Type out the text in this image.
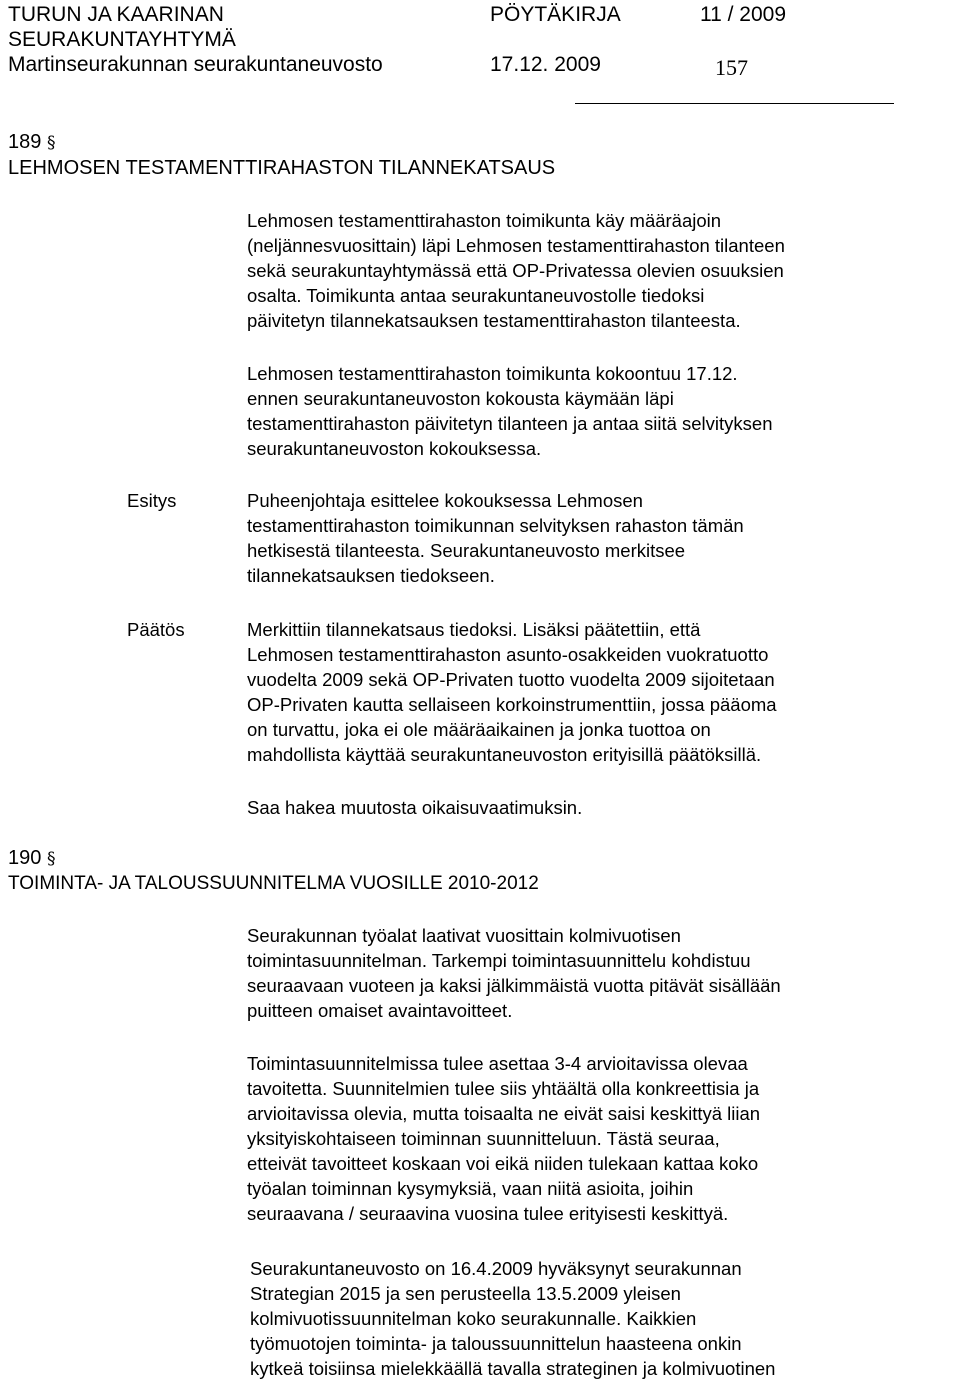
TURUN JA KAARINAN
SEURAKUNTAYHTYMÄ
Martinseurakunnan seurakuntaneuvosto
PÖYTÄKIRJA	11 / 2009
17.12. 2009	157
189 §
LEHMOSEN TESTAMENTTIRAHASTON TILANNEKATSAUS
Lehmosen testamenttirahaston toimikunta käy määräajoin
(neljännesvuosittain) läpi Lehmosen testamenttirahaston tilanteen
sekä seurakuntayhtymässä että OP-Privatessa olevien osuuksien
osalta. Toimikunta antaa seurakuntaneuvostolle tiedoksi
päivitetyn tilannekatsauksen testamenttirahaston tilanteesta.
Lehmosen testamenttirahaston toimikunta kokoontuu 17.12.
ennen seurakuntaneuvoston kokousta käymään läpi
testamenttirahaston päivitetyn tilanteen ja antaa siitä selvityksen
seurakuntaneuvoston kokouksessa.
Esitys	Puheenjohtaja esittelee kokouksessa Lehmosen
testamenttirahaston toimikunnan selvityksen rahaston tämän
hetkisestä tilanteesta. Seurakuntaneuvosto merkitsee
tilannekatsauksen tiedokseen.
Päätös	Merkittiin tilannekatsaus tiedoksi. Lisäksi päätettiin, että
Lehmosen testamenttirahaston asunto-osakkeiden vuokratuotto
vuodelta 2009 sekä OP-Privaten tuotto vuodelta 2009 sijoitetaan
OP-Privaten kautta sellaiseen korkoinstrumenttiin, jossa pääoma
on turvattu, joka ei ole määräaikainen ja jonka tuottoa on
mahdollista käyttää seurakuntaneuvoston erityisillä päätöksillä.
Saa hakea muutosta oikaisuvaatimuksin.
190 §
TOIMINTA- JA TALOUSSUUNNITELMA VUOSILLE 2010-2012
Seurakunnan työalat laativat vuosittain kolmivuotisen
toimintasuunnitelman. Tarkempi toimintasuunnittelu kohdistuu
seuraavaan vuoteen ja kaksi jälkimmäistä vuotta pitävät sisällään
puitteen omaiset avaintavoitteet.
Toimintasuunnitelmissa tulee asettaa 3-4 arvioitavissa olevaa
tavoitetta. Suunnitelmien tulee siis yhtäältä olla konkreettisia ja
arvioitavissa olevia, mutta toisaalta ne eivät saisi keskittyä liian
yksityiskohtaiseen toiminnan suunnitteluun. Tästä seuraa,
etteivät tavoitteet koskaan voi eikä niiden tulekaan kattaa koko
työalan toiminnan kysymyksiä, vaan niitä asioita, joihin
seuraavana / seuraavina vuosina tulee erityisesti keskittyä.
Seurakuntaneuvosto on 16.4.2009 hyväksynyt seurakunnan
Strategian 2015 ja sen perusteella 13.5.2009 yleisen
kolmivuotissuunnitelman koko seurakunnalle. Kaikkien
työmuotojen toiminta- ja taloussuunnittelun haasteena onkin
kytkeä toisiinsa mielekkäällä tavalla strateginen ja kolmivuotinen
